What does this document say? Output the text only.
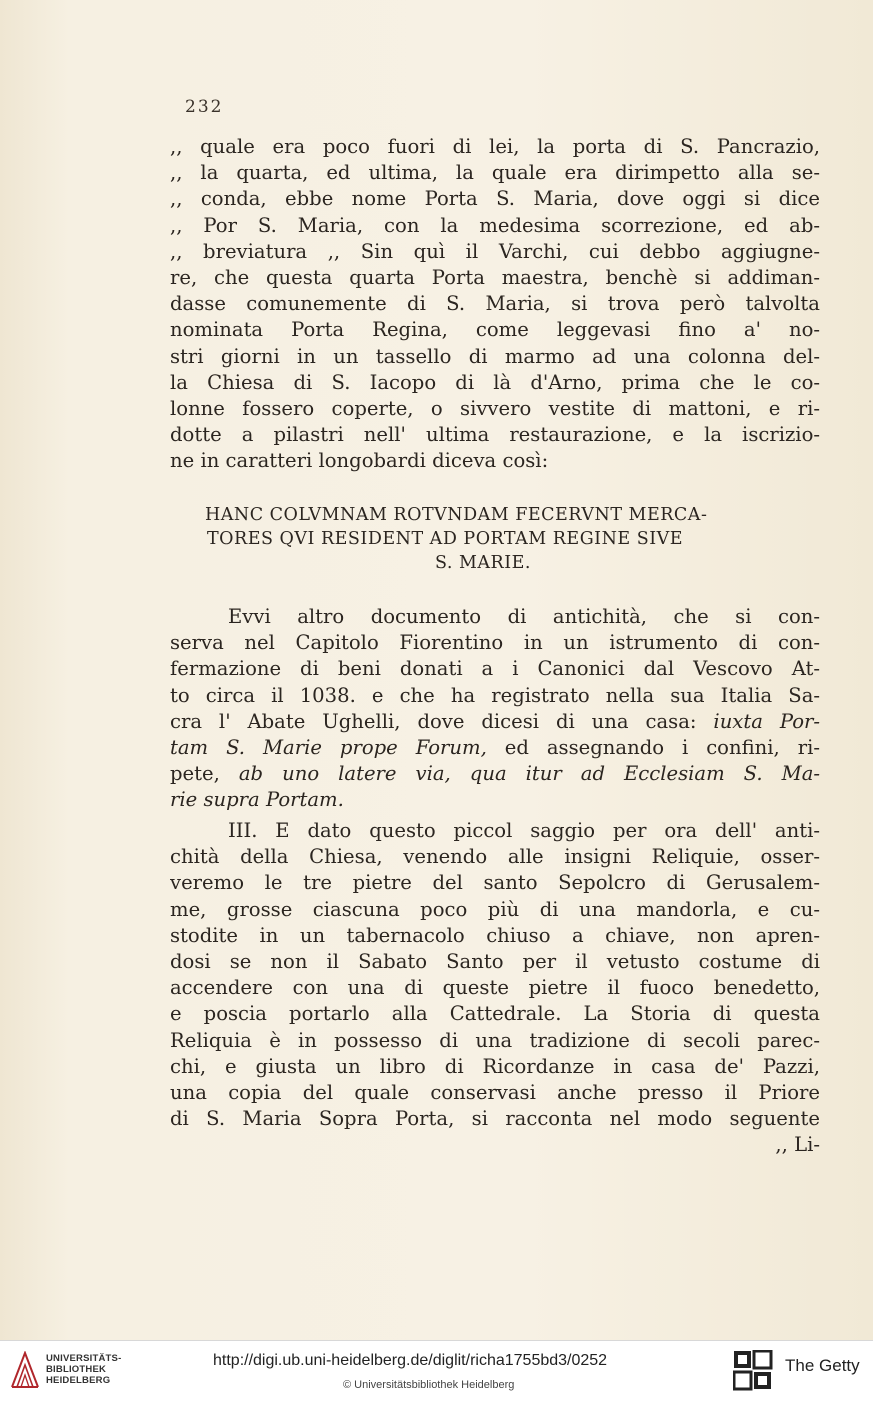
232
,, quale era poco fuori di lei, la porta di S. Pancrazio,
,, la quarta, ed ultima, la quale era dirimpetto alla se-
,, conda, ebbe nome Porta S. Maria, dove oggi si dice
,, Por S. Maria, con la medesima scorrezione, ed ab-
,, breviatura ,, Sin quì il Varchi, cui debbo aggiugne-
re, che questa quarta Porta maestra, benchè si addiman-
dasse comunemente di S. Maria, si trova però talvolta
nominata Porta Regina, come leggevasi fino a' no-
stri giorni in un tassello di marmo ad una colonna del-
la Chiesa di S. Iacopo di là d'Arno, prima che le co-
lonne fossero coperte, o sivvero vestite di mattoni, e ri-
dotte a pilastri nell' ultima restaurazione, e la iscrizio-
ne in caratteri longobardi diceva così:
HANC COLVMNAM ROTVNDAM FECERVNT MERCA-
TORES QVI RESIDENT AD PORTAM REGINE SIVE
S. MARIE.
Evvi altro documento di antichità, che si con-
serva nel Capitolo Fiorentino in un istrumento di con-
fermazione di beni donati a i Canonici dal Vescovo At-
to circa il 1038. e che ha registrato nella sua Italia Sa-
cra l' Abate Ughelli, dove dicesi di una casa: iuxta Por-
tam S. Marie prope Forum, ed assegnando i confini, ri-
pete, ab uno latere via, qua itur ad Ecclesiam S. Ma-
rie supra Portam.
III. E dato questo piccol saggio per ora dell' anti-
chità della Chiesa, venendo alle insigni Reliquie, osser-
veremo le tre pietre del santo Sepolcro di Gerusalem-
me, grosse ciascuna poco più di una mandorla, e cu-
stodite in un tabernacolo chiuso a chiave, non apren-
dosi se non il Sabato Santo per il vetusto costume di
accendere con una di queste pietre il fuoco benedetto,
e poscia portarlo alla Cattedrale. La Storia di questa
Reliquia è in possesso di una tradizione di secoli parec-
chi, e giusta un libro di Ricordanze in casa de' Pazzi,
una copia del quale conservasi anche presso il Priore
di S. Maria Sopra Porta, si racconta nel modo seguente
,, Li-
UNIVERSITÄTS-
BIBLIOTHEK
HEIDELBERG
http://digi.ub.uni-heidelberg.de/diglit/richa1755bd3/0252
© Universitätsbibliothek Heidelberg
The Getty
